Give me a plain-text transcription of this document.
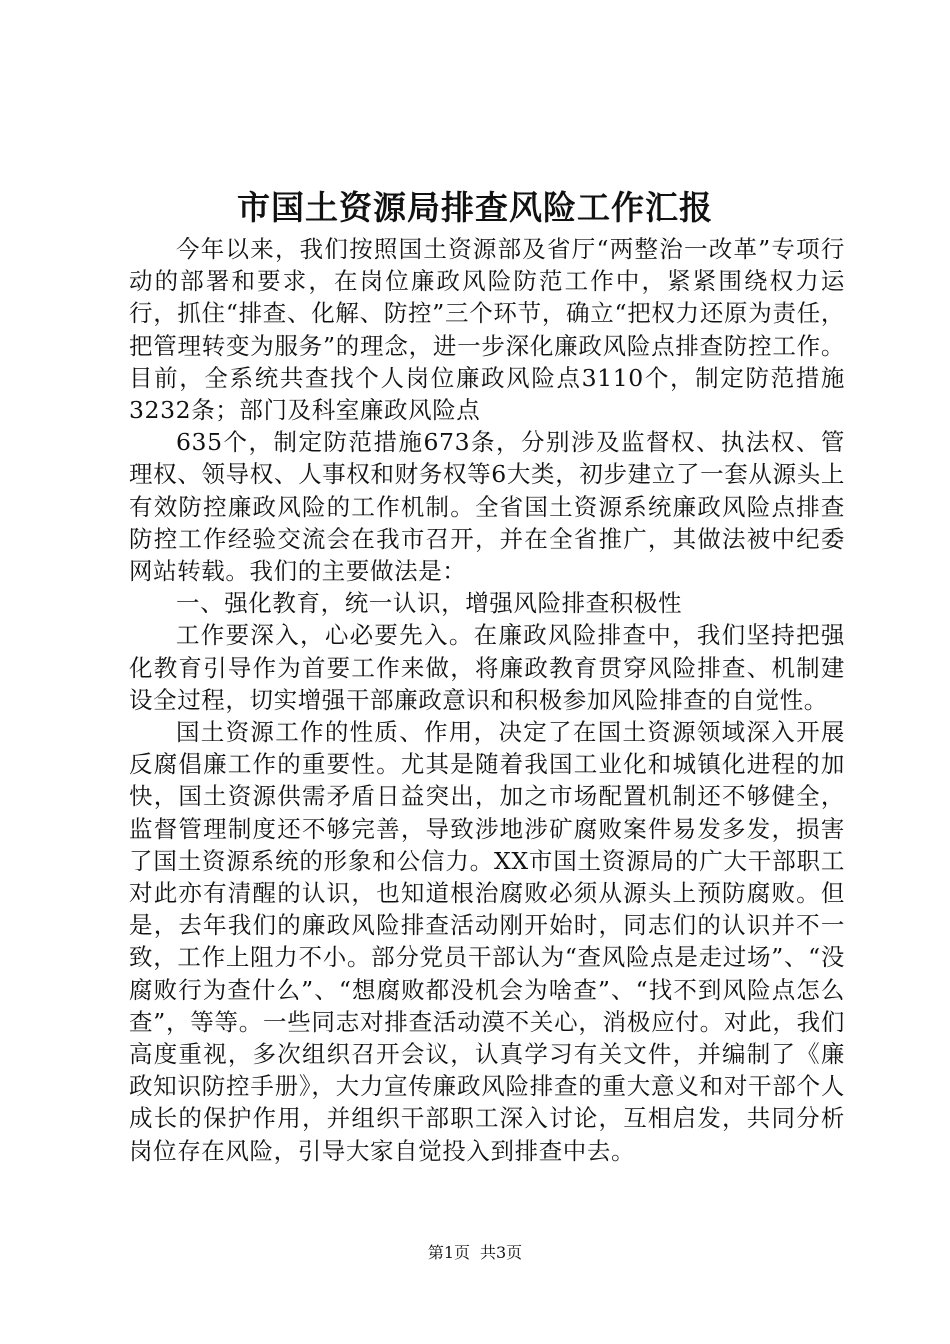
市国土资源局排查风险工作汇报

今年以来，我们按照国土资源部及省厅“两整治一改革”专项行动的部署和要求，在岗位廉政风险防范工作中，紧紧围绕权力运行，抓住“排查、化解、防控”三个环节，确立“把权力还原为责任，把管理转变为服务”的理念，进一步深化廉政风险点排查防控工作。目前，全系统共查找个人岗位廉政风险点3110个，制定防范措施3232条；部门及科室廉政风险点

635个，制定防范措施673条，分别涉及监督权、执法权、管理权、领导权、人事权和财务权等6大类，初步建立了一套从源头上有效防控廉政风险的工作机制。全省国土资源系统廉政风险点排查防控工作经验交流会在我市召开，并在全省推广，其做法被中纪委网站转载。我们的主要做法是：

一、强化教育，统一认识，增强风险排查积极性

工作要深入，心必要先入。在廉政风险排查中，我们坚持把强化教育引导作为首要工作来做，将廉政教育贯穿风险排查、机制建设全过程，切实增强干部廉政意识和积极参加风险排查的自觉性。

国土资源工作的性质、作用，决定了在国土资源领域深入开展反腐倡廉工作的重要性。尤其是随着我国工业化和城镇化进程的加快，国土资源供需矛盾日益突出，加之市场配置机制还不够健全，监督管理制度还不够完善，导致涉地涉矿腐败案件易发多发，损害了国土资源系统的形象和公信力。XX市国土资源局的广大干部职工对此亦有清醒的认识，也知道根治腐败必须从源头上预防腐败。但是，去年我们的廉政风险排查活动刚开始时，同志们的认识并不一致，工作上阻力不小。部分党员干部认为“查风险点是走过场”、“没腐败行为查什么”、“想腐败都没机会为啥查”、“找不到风险点怎么查”，等等。一些同志对排查活动漠不关心，消极应付。对此，我们高度重视，多次组织召开会议，认真学习有关文件，并编制了《廉政知识防控手册》，大力宣传廉政风险排查的重大意义和对干部个人成长的保护作用，并组织干部职工深入讨论，互相启发，共同分析岗位存在风险，引导大家自觉投入到排查中去。

第1页 共3页
